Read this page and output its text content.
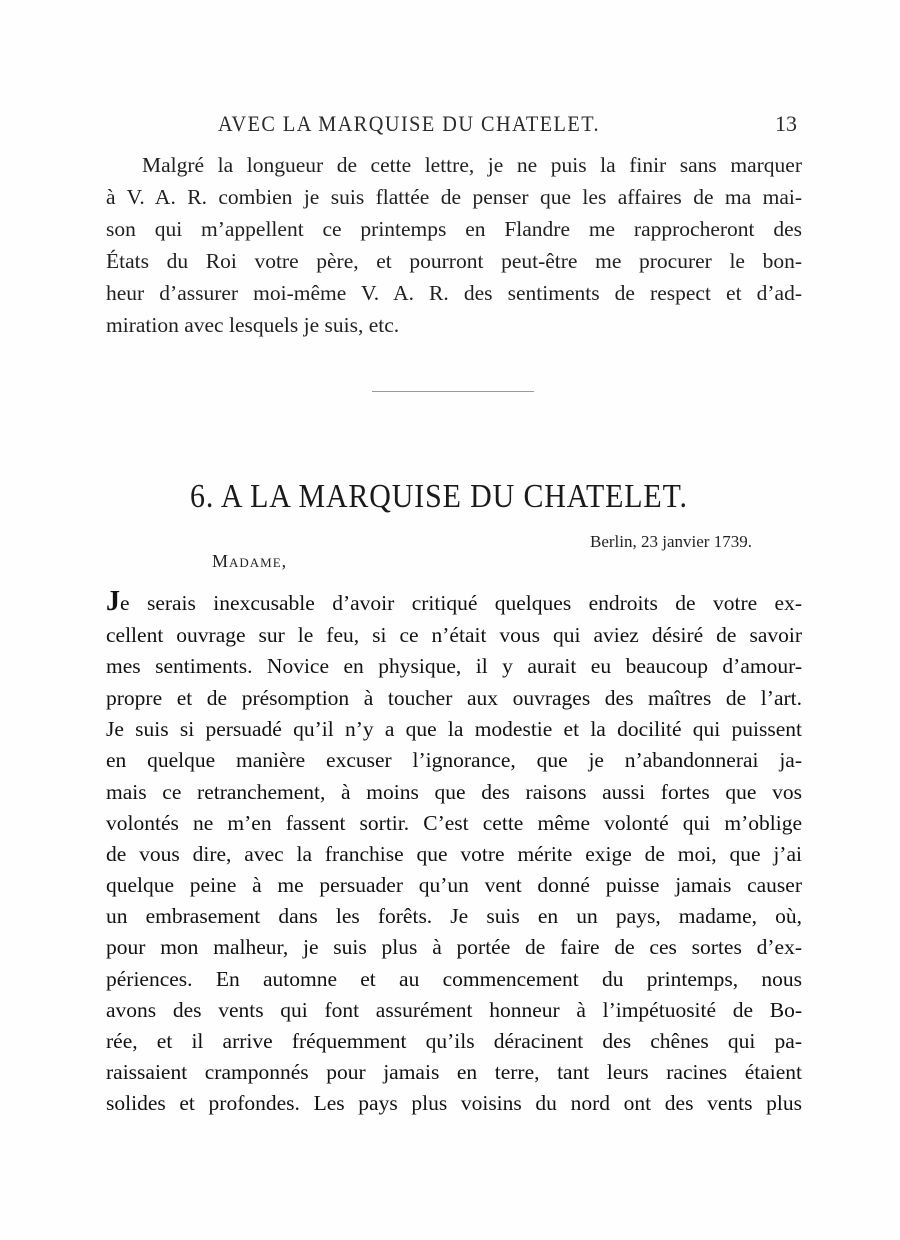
AVEC LA MARQUISE DU CHATELET.	13
Malgré la longueur de cette lettre, je ne puis la finir sans marquer
à V. A. R. combien je suis flattée de penser que les affaires de ma mai-
son qui m’appellent ce printemps en Flandre me rapprocheront des
États du Roi votre père, et pourront peut-être me procurer le bon-
heur d’assurer moi-même V. A. R. des sentiments de respect et d’ad-
miration avec lesquels je suis, etc.
6. A LA MARQUISE DU CHATELET.
Berlin, 23 janvier 1739.
Madame,
Je serais inexcusable d’avoir critiqué quelques endroits de votre ex-
cellent ouvrage sur le feu, si ce n’était vous qui aviez désiré de savoir
mes sentiments. Novice en physique, il y aurait eu beaucoup d’amour-
propre et de présomption à toucher aux ouvrages des maîtres de l’art.
Je suis si persuadé qu’il n’y a que la modestie et la docilité qui puissent
en quelque manière excuser l’ignorance, que je n’abandonnerai ja-
mais ce retranchement, à moins que des raisons aussi fortes que vos
volontés ne m’en fassent sortir. C’est cette même volonté qui m’oblige
de vous dire, avec la franchise que votre mérite exige de moi, que j’ai
quelque peine à me persuader qu’un vent donné puisse jamais causer
un embrasement dans les forêts. Je suis en un pays, madame, où,
pour mon malheur, je suis plus à portée de faire de ces sortes d’ex-
périences. En automne et au commencement du printemps, nous
avons des vents qui font assurément honneur à l’impétuosité de Bo-
rée, et il arrive fréquemment qu’ils déracinent des chênes qui pa-
raissaient cramponnés pour jamais en terre, tant leurs racines étaient
solides et profondes. Les pays plus voisins du nord ont des vents plus
